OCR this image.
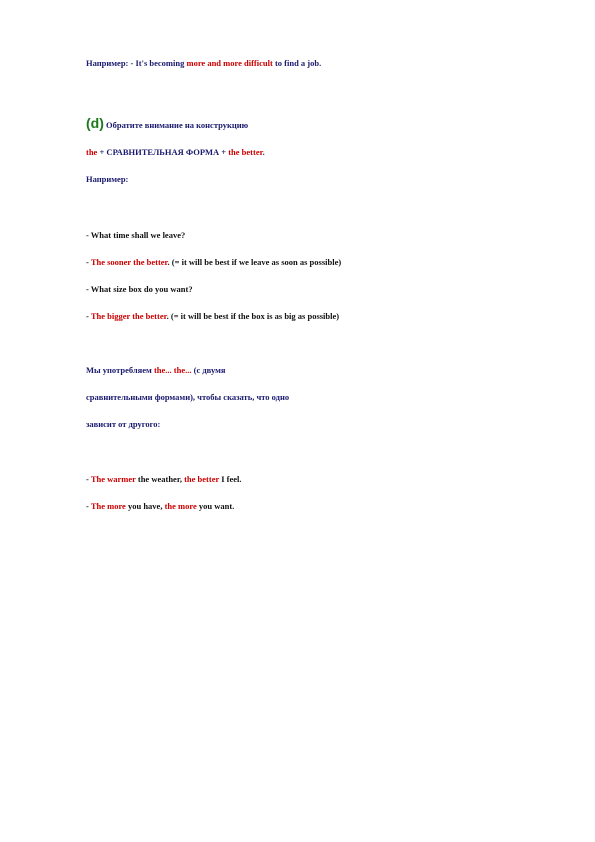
Например: - It's becoming more and more difficult to find a job.
(d) Обратите внимание на конструкцию
the + СРАВНИТЕЛЬНАЯ ФОРМА + the better.
Например:
- What time shall we leave?
- The sooner the better. (= it will be best if we leave as soon as possible)
- What size box do you want?
- The bigger the better. (= it will be best if the box is as big as possible)
Мы употребляем the... the... (с двумя
сравнительными формами), чтобы сказать, что одно
зависит от другого:
- The warmer the weather, the better I feel.
- The more you have, the more you want.
